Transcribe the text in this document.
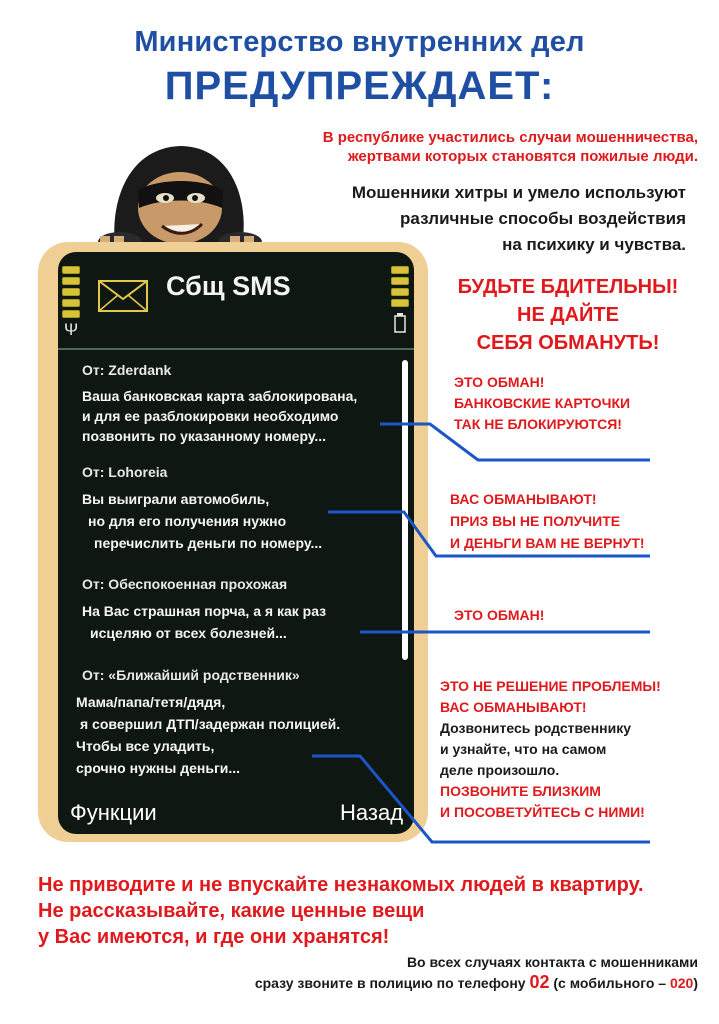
Министерство внутренних дел
ПРЕДУПРЕЖДАЕТ:
В республике участились случаи мошенничества,
жертвами которых становятся пожилые люди.
Мошенники хитры и умело используют
различные способы воздействия
на психику и чувства.
Сбщ SMS
Ψ
От: Zderdank
Ваша банковская карта заблокирована,
и для ее разблокировки необходимо
позвонить по указанному номеру...
От: Lohoreia
Вы выиграли автомобиль,
но для его получения нужно
перечислить деньги по номеру...
От: Обеспокоенная прохожая
На Вас страшная порча, а я как раз
исцеляю от всех болезней...
От: «Ближайший родственник»
Мама/папа/тетя/дядя,
я совершил ДТП/задержан полицией.
Чтобы все уладить,
срочно нужны деньги...
Функции	Назад
БУДЬТЕ БДИТЕЛЬНЫ!
НЕ ДАЙТЕ
СЕБЯ ОБМАНУТЬ!
ЭТО ОБМАН!
БАНКОВСКИЕ КАРТОЧКИ
ТАК НЕ БЛОКИРУЮТСЯ!
ВАС ОБМАНЫВАЮТ!
ПРИЗ ВЫ НЕ ПОЛУЧИТЕ
И ДЕНЬГИ ВАМ НЕ ВЕРНУТ!
ЭТО ОБМАН!
ЭТО НЕ РЕШЕНИЕ ПРОБЛЕМЫ!
ВАС ОБМАНЫВАЮТ!
Дозвонитесь родственнику
и узнайте, что на самом
деле произошло.
ПОЗВОНИТЕ БЛИЗКИМ
И ПОСОВЕТУЙТЕСЬ С НИМИ!
Не приводите и не впускайте незнакомых людей в квартиру.
Не рассказывайте, какие ценные вещи
у Вас имеются, и где они хранятся!
Во всех случаях контакта с мошенниками
сразу звоните в полицию по телефону 02 (с мобильного – 020)
